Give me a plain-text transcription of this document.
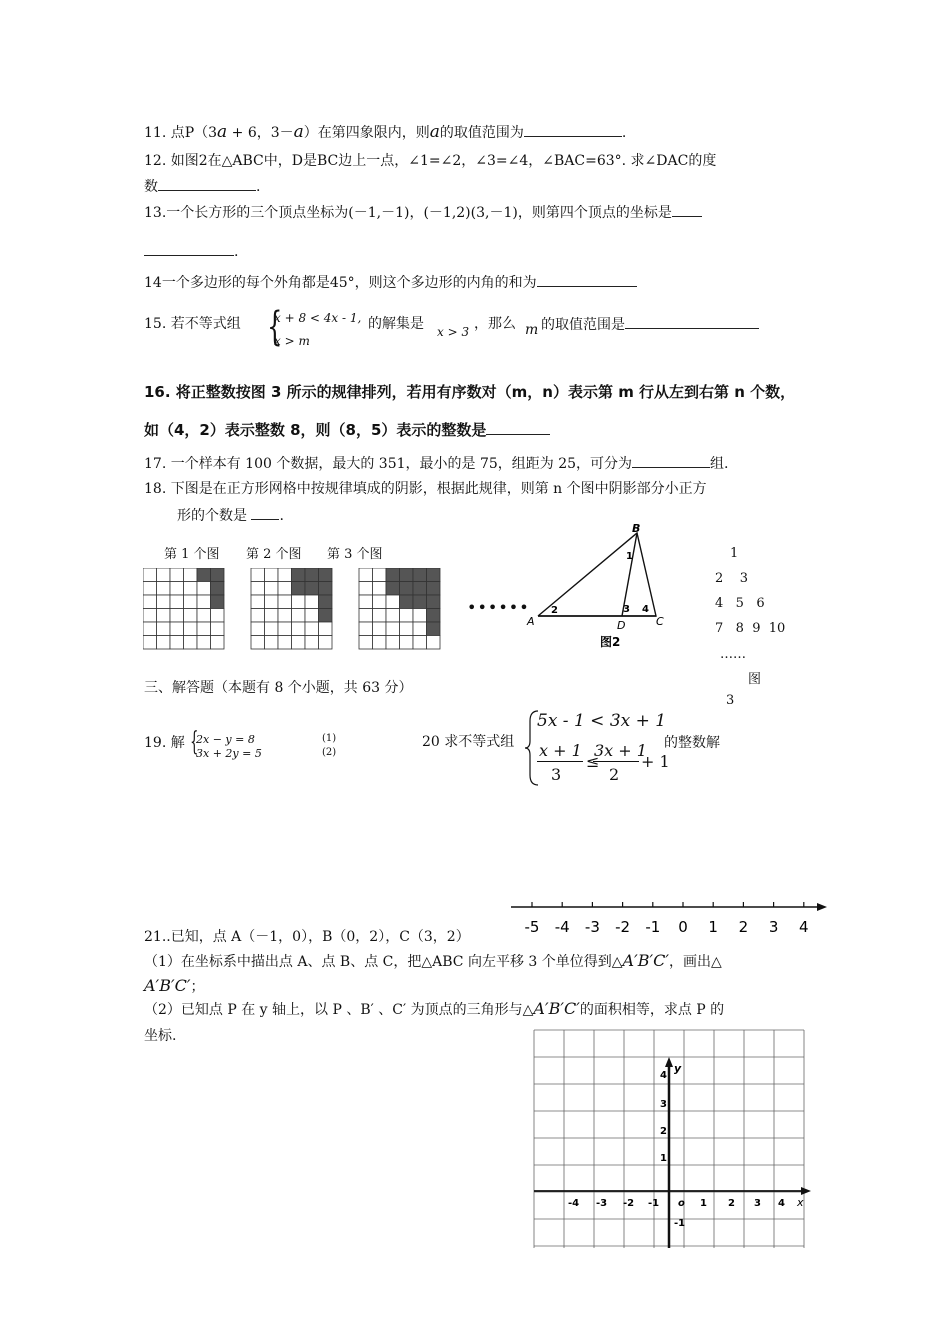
11. 点P（3a + 6，3－a）在第四象限内，则a的取值范围为	.
12. 如图2在△ABC中，D是BC边上一点，∠1=∠2，∠3=∠4，∠BAC=63°. 求∠DAC的度
数	.
13.一个长方形的三个顶点坐标为(－1,－1)，(－1,2)(3,－1)，则第四个顶点的坐标是
.
14一个多边形的每个外角都是45°，则这个多边形的内角的和为
15. 若不等式组 {
x + 8 < 4x - 1,
x > m
的解集是 x > 3 ，那么 m 的取值范围是
16. 将正整数按图 3 所示的规律排列，若用有序数对（m，n）表示第 m 行从左到右第 n 个数，
如（4，2）表示整数 8，则（8，5）表示的整数是
17. 一个样本有 100 个数据，最大的 351，最小的是 75，组距为 25，可分为	组.
18. 下图是在正方形网格中按规律填成的阴影，根据此规律，则第 n 个图中阴影部分小正方
形的个数是 .
第 1 个图 第 2 个图 第 3 个图
••••••
B
A	C
D
1
2	3 4
图2
1
2    3
4   5   6
7   8  9  10
……
图
3
三、解答题（本题有 8 个小题，共 63 分）
19. 解 {
2x − y = 8	(1)
3x + 2y = 5	(2)
20 求不等式组
5x - 1 < 3x + 1
x + 1
3
≤
3x + 1
2
+ 1
的整数解
-5 -4 -3 -2 -1 0 1 2 3 4
21..已知，点 A（－1，0），B（0，2），C（3，2）
（1）在坐标系中描出点 A、点 B、点 C，把△ABC 向左平移 3 个单位得到△A′B′C′，画出△
A′B′C′；
（2）已知点 P 在 y 轴上，以 P 、B′ 、C′ 为顶点的三角形与△A′B′C′的面积相等，求点 P 的
坐标.
-4 -3 -2 -1 o 1 2 3 4
4
3
2
1
-1
x
y
